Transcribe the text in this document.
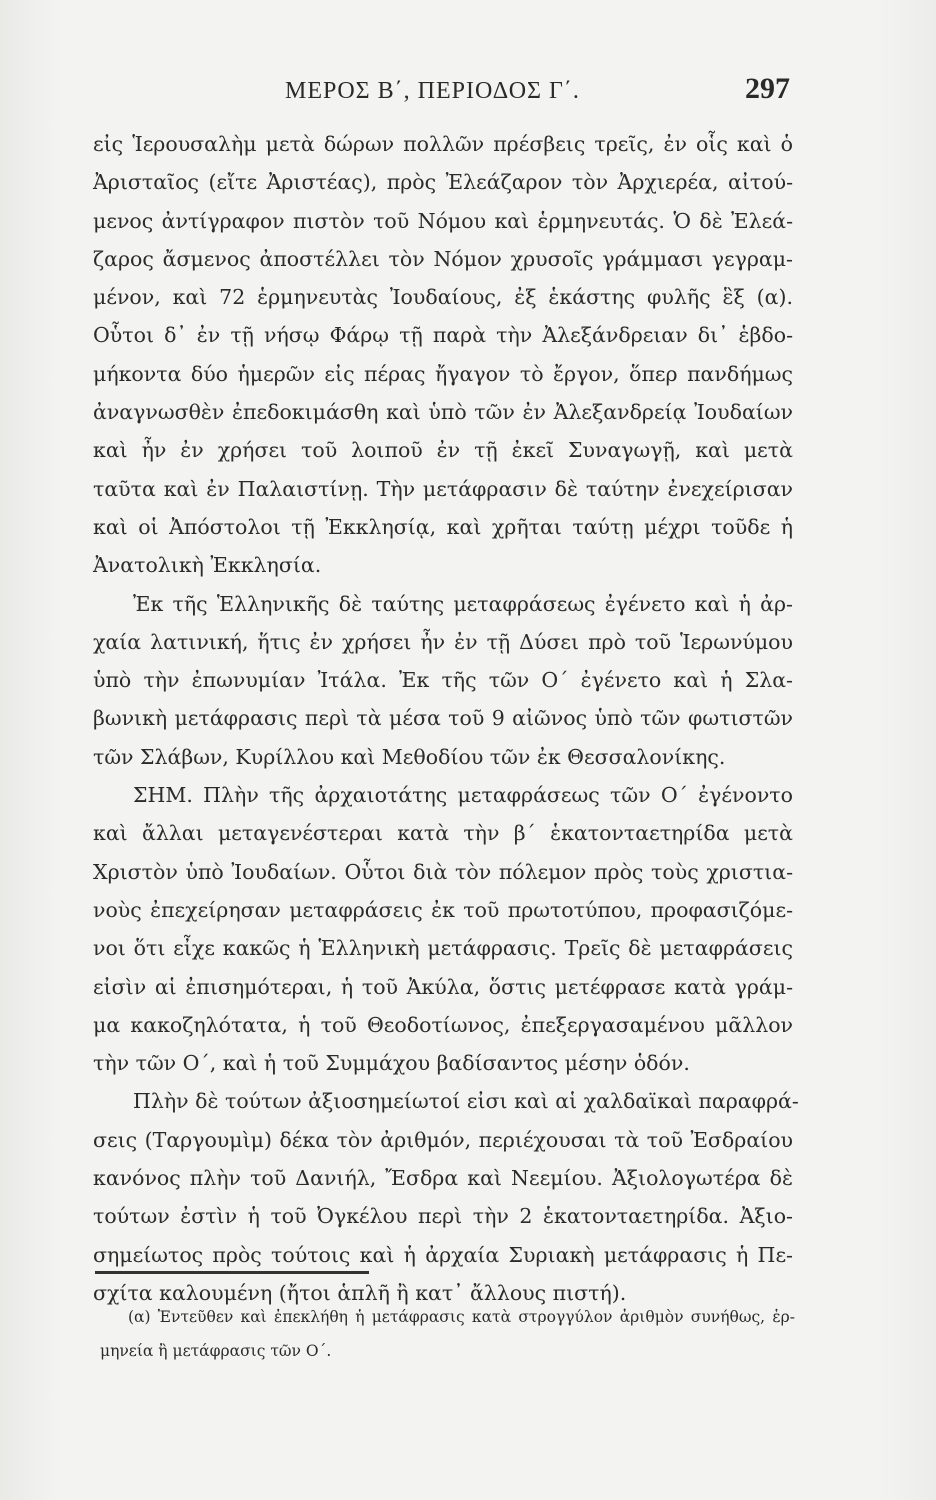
ΜΕΡΟΣ Β΄, ΠΕΡΙΟΔΟΣ Γ΄.	297
εἰς Ἱερουσαλὴμ μετὰ δώρων πολλῶν πρέσβεις τρεῖς, ἐν οἷς καὶ ὁ
Ἀρισταῖος (εἴτε Ἀριστέας), πρὸς Ἐλεάζαρον τὸν Ἀρχιερέα, αἰτού-
μενος ἀντίγραφον πιστὸν τοῦ Νόμου καὶ ἑρμηνευτάς. Ὁ δὲ Ἐλεά-
ζαρος ἄσμενος ἀποστέλλει τὸν Νόμον χρυσοῖς γράμμασι γεγραμ-
μένον, καὶ 72 ἑρμηνευτὰς Ἰουδαίους, ἐξ ἑκάστης φυλῆς ἓξ (α).
Οὗτοι δ᾽ ἐν τῇ νήσῳ Φάρῳ τῇ παρὰ τὴν Ἀλεξάνδρειαν δι᾽ ἑβδο-
μήκοντα δύο ἡμερῶν εἰς πέρας ἤγαγον τὸ ἔργον, ὅπερ πανδήμως
ἀναγνωσθὲν ἐπεδοκιμάσθη καὶ ὑπὸ τῶν ἐν Ἀλεξανδρείᾳ Ἰουδαίων
καὶ ἦν ἐν χρήσει τοῦ λοιποῦ ἐν τῇ ἐκεῖ Συναγωγῇ, καὶ μετὰ
ταῦτα καὶ ἐν Παλαιστίνῃ. Τὴν μετάφρασιν δὲ ταύτην ἐνεχείρισαν
καὶ οἱ Ἀπόστολοι τῇ Ἐκκλησίᾳ, καὶ χρῆται ταύτῃ μέχρι τοῦδε ἡ
Ἀνατολικὴ Ἐκκλησία.
Ἐκ τῆς Ἑλληνικῆς δὲ ταύτης μεταφράσεως ἐγένετο καὶ ἡ ἀρ-
χαία λατινική, ἥτις ἐν χρήσει ἦν ἐν τῇ Δύσει πρὸ τοῦ Ἱερωνύμου
ὑπὸ τὴν ἐπωνυμίαν Ἰτάλα. Ἐκ τῆς τῶν Ο΄ ἐγένετο καὶ ἡ Σλα-
βωνικὴ μετάφρασις περὶ τὰ μέσα τοῦ 9 αἰῶνος ὑπὸ τῶν φωτιστῶν
τῶν Σλάβων, Κυρίλλου καὶ Μεθοδίου τῶν ἐκ Θεσσαλονίκης.
ΣΗΜ. Πλὴν τῆς ἀρχαιοτάτης μεταφράσεως τῶν Ο΄ ἐγένοντο
καὶ ἄλλαι μεταγενέστεραι κατὰ τὴν β΄ ἑκατονταετηρίδα μετὰ
Χριστὸν ὑπὸ Ἰουδαίων. Οὗτοι διὰ τὸν πόλεμον πρὸς τοὺς χριστια-
νοὺς ἐπεχείρησαν μεταφράσεις ἐκ τοῦ πρωτοτύπου, προφασιζόμε-
νοι ὅτι εἶχε κακῶς ἡ Ἑλληνικὴ μετάφρασις. Τρεῖς δὲ μεταφράσεις
εἰσὶν αἱ ἐπισημότεραι, ἡ τοῦ Ἀκύλα, ὅστις μετέφρασε κατὰ γράμ-
μα κακοζηλότατα, ἡ τοῦ Θεοδοτίωνος, ἐπεξεργασαμένου μᾶλλον
τὴν τῶν Ο΄, καὶ ἡ τοῦ Συμμάχου βαδίσαντος μέσην ὁδόν.
Πλὴν δὲ τούτων ἀξιοσημείωτοί εἰσι καὶ αἱ χαλδαϊκαὶ παραφρά-
σεις (Ταργουμὶμ) δέκα τὸν ἀριθμόν, περιέχουσαι τὰ τοῦ Ἐσδραίου
κανόνος πλὴν τοῦ Δανιήλ, Ἔσδρα καὶ Νεεμίου. Ἀξιολογωτέρα δὲ
τούτων ἐστὶν ἡ τοῦ Ὀγκέλου περὶ τὴν 2 ἑκατονταετηρίδα. Ἀξιο-
σημείωτος πρὸς τούτοις καὶ ἡ ἀρχαία Συριακὴ μετάφρασις ἡ Πε-
σχίτα καλουμένη (ἤτοι ἁπλῆ ἢ κατ᾽ ἄλλους πιστή).
(α) Ἐντεῦθεν καὶ ἐπεκλήθη ἡ μετάφρασις κατὰ στρογγύλον ἀριθμὸν συνήθως, ἑρ-
μηνεία ἢ μετάφρασις τῶν Ο΄.
